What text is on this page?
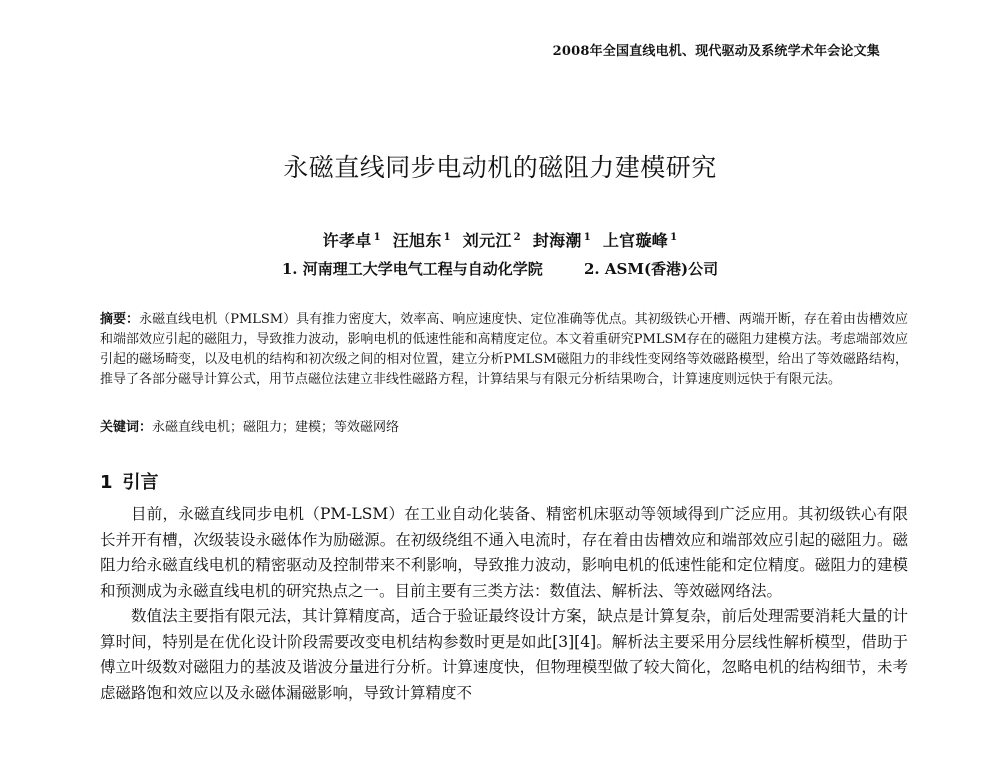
2008年全国直线电机、现代驱动及系统学术年会论文集
永磁直线同步电动机的磁阻力建模研究
许孝卓 $^1$ 汪旭东 $^1$ 刘元江 $^2$ 封海潮 $^1$ 上官璇峰 $^1$
1. 河南理工大学电气工程与自动化学院	2. ASM(香港)公司
摘要：永磁直线电机（PMLSM）具有推力密度大，效率高、响应速度快、定位准确等优点。其初级铁心开槽、两端开断，存在着由齿槽效应和端部效应引起的磁阻力，导致推力波动，影响电机的低速性能和高精度定位。本文着重研究PMLSM存在的磁阻力建模方法。考虑端部效应引起的磁场畸变，以及电机的结构和初次级之间的相对位置，建立分析PMLSM磁阻力的非线性变网络等效磁路模型，给出了等效磁路结构，推导了各部分磁导计算公式，用节点磁位法建立非线性磁路方程，计算结果与有限元分析结果吻合，计算速度则远快于有限元法。
关键词：永磁直线电机；磁阻力；建模；等效磁网络
1 引言

目前，永磁直线同步电机（PM-LSM）在工业自动化装备、精密机床驱动等领域得到广泛应用。其初级铁心有限长并开有槽，次级装设永磁体作为励磁源。在初级绕组不通入电流时，存在着由齿槽效应和端部效应引起的磁阻力。磁阻力给永磁直线电机的精密驱动及控制带来不利影响，导致推力波动，影响电机的低速性能和定位精度。磁阻力的建模和预测成为永磁直线电机的研究热点之一。目前主要有三类方法：数值法、解析法、等效磁网络法。

数值法主要指有限元法，其计算精度高，适合于验证最终设计方案，缺点是计算复杂，前后处理需要消耗大量的计算时间，特别是在优化设计阶段需要改变电机结构参数时更是如此[3][4]。解析法主要采用分层线性解析模型，借助于傅立叶级数对磁阻力的基波及谐波分量进行分析。计算速度快，但物理模型做了较大简化，忽略电机的结构细节，未考虑磁路饱和效应以及永磁体漏磁影响，导致计算精度不
